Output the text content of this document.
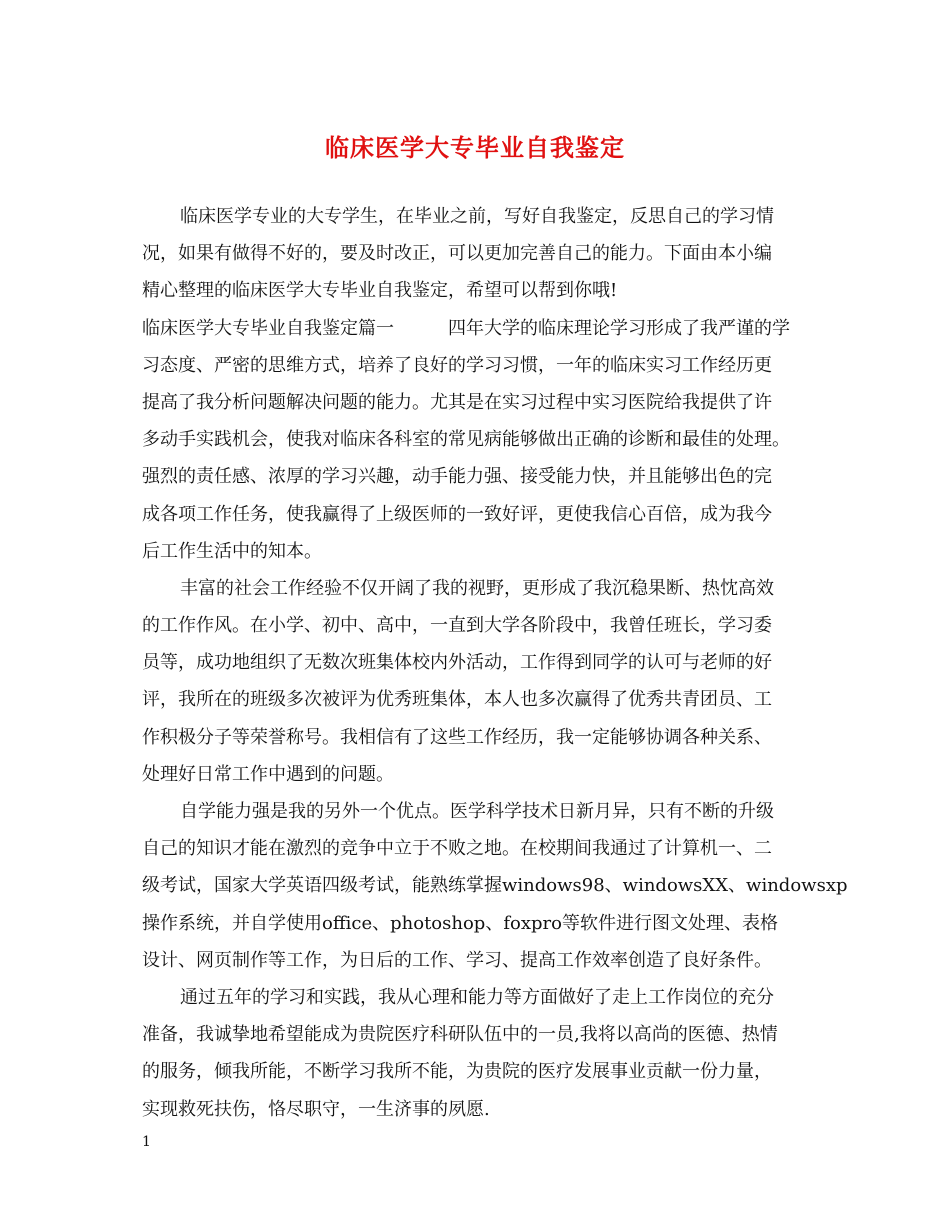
临床医学大专毕业自我鉴定
临床医学专业的大专学生，在毕业之前，写好自我鉴定，反思自己的学习情
况，如果有做得不好的，要及时改正，可以更加完善自己的能力。下面由本小编
精心整理的临床医学大专毕业自我鉴定，希望可以帮到你哦!
临床医学大专毕业自我鉴定篇一　　　四年大学的临床理论学习形成了我严谨的学
习态度、严密的思维方式，培养了良好的学习习惯，一年的临床实习工作经历更
提高了我分析问题解决问题的能力。尤其是在实习过程中实习医院给我提供了许
多动手实践机会，使我对临床各科室的常见病能够做出正确的诊断和最佳的处理。
强烈的责任感、浓厚的学习兴趣，动手能力强、接受能力快，并且能够出色的完
成各项工作任务，使我赢得了上级医师的一致好评，更使我信心百倍，成为我今
后工作生活中的知本。
丰富的社会工作经验不仅开阔了我的视野，更形成了我沉稳果断、热忱高效
的工作作风。在小学、初中、高中，一直到大学各阶段中，我曾任班长，学习委
员等，成功地组织了无数次班集体校内外活动，工作得到同学的认可与老师的好
评，我所在的班级多次被评为优秀班集体，本人也多次赢得了优秀共青团员、工
作积极分子等荣誉称号。我相信有了这些工作经历，我一定能够协调各种关系、
处理好日常工作中遇到的问题。
自学能力强是我的另外一个优点。医学科学技术日新月异，只有不断的升级
自己的知识才能在激烈的竞争中立于不败之地。在校期间我通过了计算机一、二
级考试，国家大学英语四级考试，能熟练掌握windows98、windowsXX、windowsxp
操作系统，并自学使用office、photoshop、foxpro等软件进行图文处理、表格
设计、网页制作等工作，为日后的工作、学习、提高工作效率创造了良好条件。
通过五年的学习和实践，我从心理和能力等方面做好了走上工作岗位的充分
准备，我诚挚地希望能成为贵院医疗科研队伍中的一员,我将以高尚的医德、热情
的服务，倾我所能，不断学习我所不能，为贵院的医疗发展事业贡献一份力量，
实现救死扶伤，恪尽职守，一生济事的夙愿.
1
